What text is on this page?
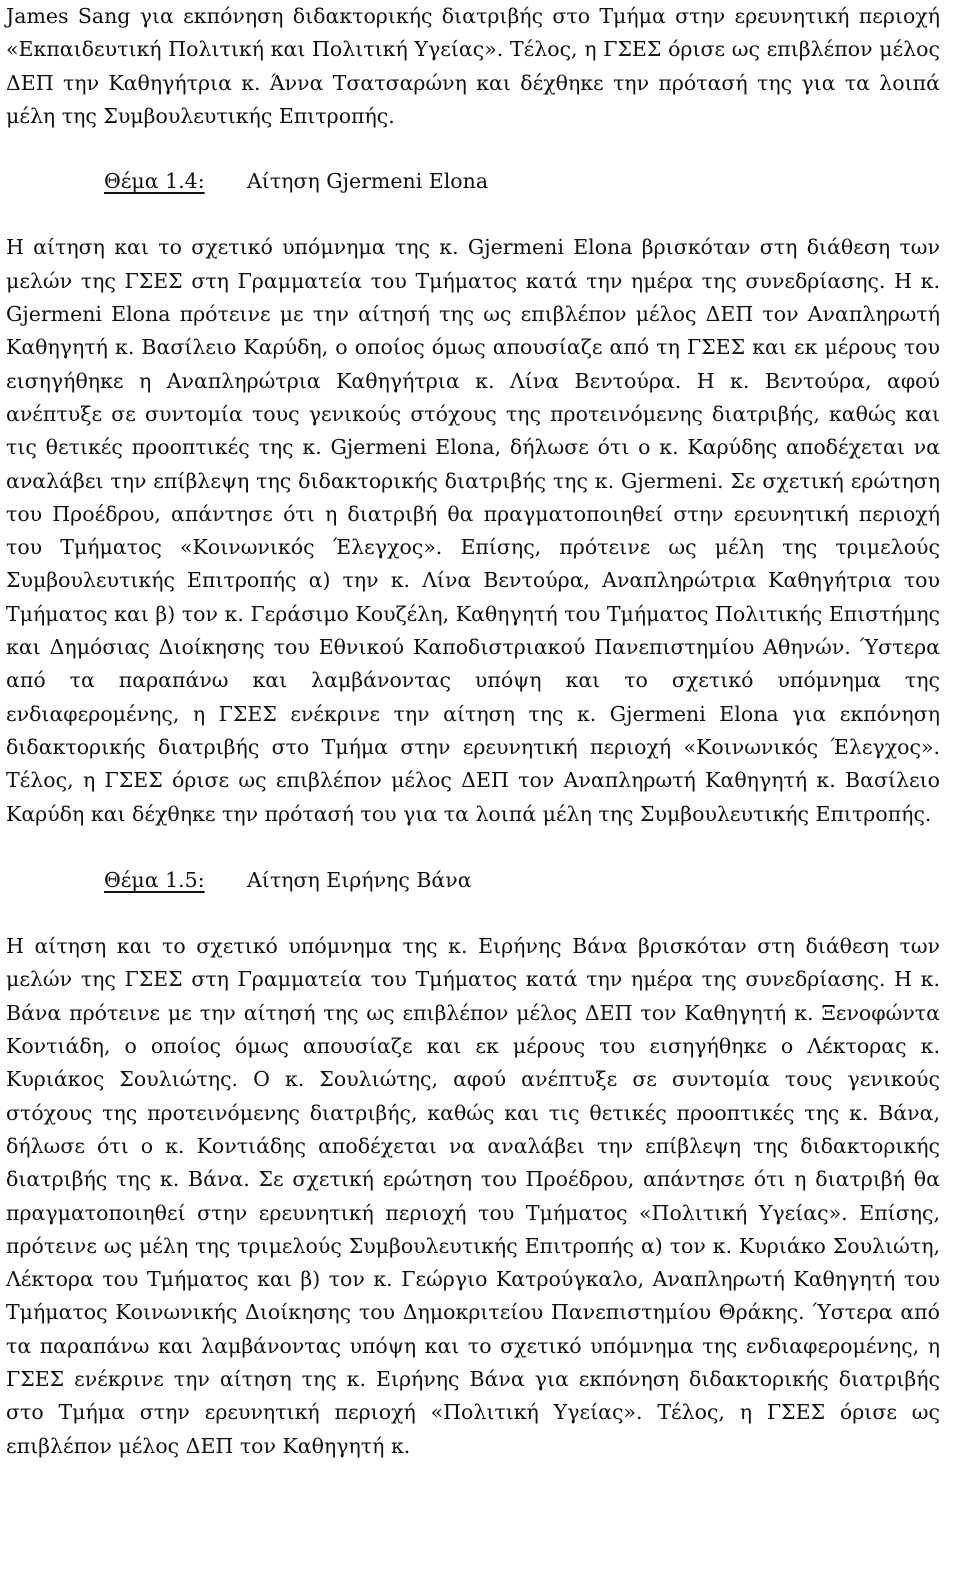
James Sang για εκπόνηση διδακτορικής διατριβής στο Τμήμα στην ερευνητική περιοχή «Εκπαιδευτική Πολιτική και Πολιτική Υγείας». Τέλος, η ΓΣΕΣ όρισε ως επιβλέπον μέλος ΔΕΠ την Καθηγήτρια κ. Άννα Τσατσαρώνη και δέχθηκε την πρότασή της για τα λοιπά μέλη της Συμβουλευτικής Επιτροπής.

Θέμα 1.4:	Αίτηση Gjermeni Elona

Η αίτηση και το σχετικό υπόμνημα της κ. Gjermeni Elona βρισκόταν στη διάθεση των μελών της ΓΣΕΣ στη Γραμματεία του Τμήματος κατά την ημέρα της συνεδρίασης. Η κ. Gjermeni Elona πρότεινε με την αίτησή της ως επιβλέπον μέλος ΔΕΠ τον Αναπληρωτή Καθηγητή κ. Βασίλειο Καρύδη, ο οποίος όμως απουσίαζε από τη ΓΣΕΣ και εκ μέρους του εισηγήθηκε η Αναπληρώτρια Καθηγήτρια κ. Λίνα Βεντούρα. Η κ. Βεντούρα, αφού ανέπτυξε σε συντομία τους γενικούς στόχους της προτεινόμενης διατριβής, καθώς και τις θετικές προοπτικές της κ. Gjermeni Elona, δήλωσε ότι ο κ. Καρύδης αποδέχεται να αναλάβει την επίβλεψη της διδακτορικής διατριβής της κ. Gjermeni. Σε σχετική ερώτηση του Προέδρου, απάντησε ότι η διατριβή θα πραγματοποιηθεί στην ερευνητική περιοχή του Τμήματος «Κοινωνικός Έλεγχος». Επίσης, πρότεινε ως μέλη της τριμελούς Συμβουλευτικής Επιτροπής α) την κ. Λίνα Βεντούρα, Αναπληρώτρια Καθηγήτρια του Τμήματος και β) τον κ. Γεράσιμο Κουζέλη, Καθηγητή του Τμήματος Πολιτικής Επιστήμης και Δημόσιας Διοίκησης του Εθνικού Καποδιστριακού Πανεπιστημίου Αθηνών. Ύστερα από τα παραπάνω και λαμβάνοντας υπόψη και το σχετικό υπόμνημα της ενδιαφερομένης, η ΓΣΕΣ ενέκρινε την αίτηση της κ. Gjermeni Elona για εκπόνηση διδακτορικής διατριβής στο Τμήμα στην ερευνητική περιοχή «Κοινωνικός Έλεγχος». Τέλος, η ΓΣΕΣ όρισε ως επιβλέπον μέλος ΔΕΠ τον Αναπληρωτή Καθηγητή κ. Βασίλειο Καρύδη και δέχθηκε την πρότασή του για τα λοιπά μέλη της Συμβουλευτικής Επιτροπής.

Θέμα 1.5:	Αίτηση Ειρήνης Βάνα

Η αίτηση και το σχετικό υπόμνημα της κ. Ειρήνης Βάνα βρισκόταν στη διάθεση των μελών της ΓΣΕΣ στη Γραμματεία του Τμήματος κατά την ημέρα της συνεδρίασης. Η κ. Βάνα πρότεινε με την αίτησή της ως επιβλέπον μέλος ΔΕΠ τον Καθηγητή κ. Ξενοφώντα Κοντιάδη, ο οποίος όμως απουσίαζε και εκ μέρους του εισηγήθηκε ο Λέκτορας κ. Κυριάκος Σουλιώτης. Ο κ. Σουλιώτης, αφού ανέπτυξε σε συντομία τους γενικούς στόχους της προτεινόμενης διατριβής, καθώς και τις θετικές προοπτικές της κ. Βάνα, δήλωσε ότι ο κ. Κοντιάδης αποδέχεται να αναλάβει την επίβλεψη της διδακτορικής διατριβής της κ. Βάνα. Σε σχετική ερώτηση του Προέδρου, απάντησε ότι η διατριβή θα πραγματοποιηθεί στην ερευνητική περιοχή του Τμήματος «Πολιτική Υγείας». Επίσης, πρότεινε ως μέλη της τριμελούς Συμβουλευτικής Επιτροπής α) τον κ. Κυριάκο Σουλιώτη, Λέκτορα του Τμήματος και β) τον κ. Γεώργιο Κατρούγκαλο, Αναπληρωτή Καθηγητή του Τμήματος Κοινωνικής Διοίκησης του Δημοκριτείου Πανεπιστημίου Θράκης. Ύστερα από τα παραπάνω και λαμβάνοντας υπόψη και το σχετικό υπόμνημα της ενδιαφερομένης, η ΓΣΕΣ ενέκρινε την αίτηση της κ. Ειρήνης Βάνα για εκπόνηση διδακτορικής διατριβής στο Τμήμα στην ερευνητική περιοχή «Πολιτική Υγείας». Τέλος, η ΓΣΕΣ όρισε ως επιβλέπον μέλος ΔΕΠ τον Καθηγητή κ.
